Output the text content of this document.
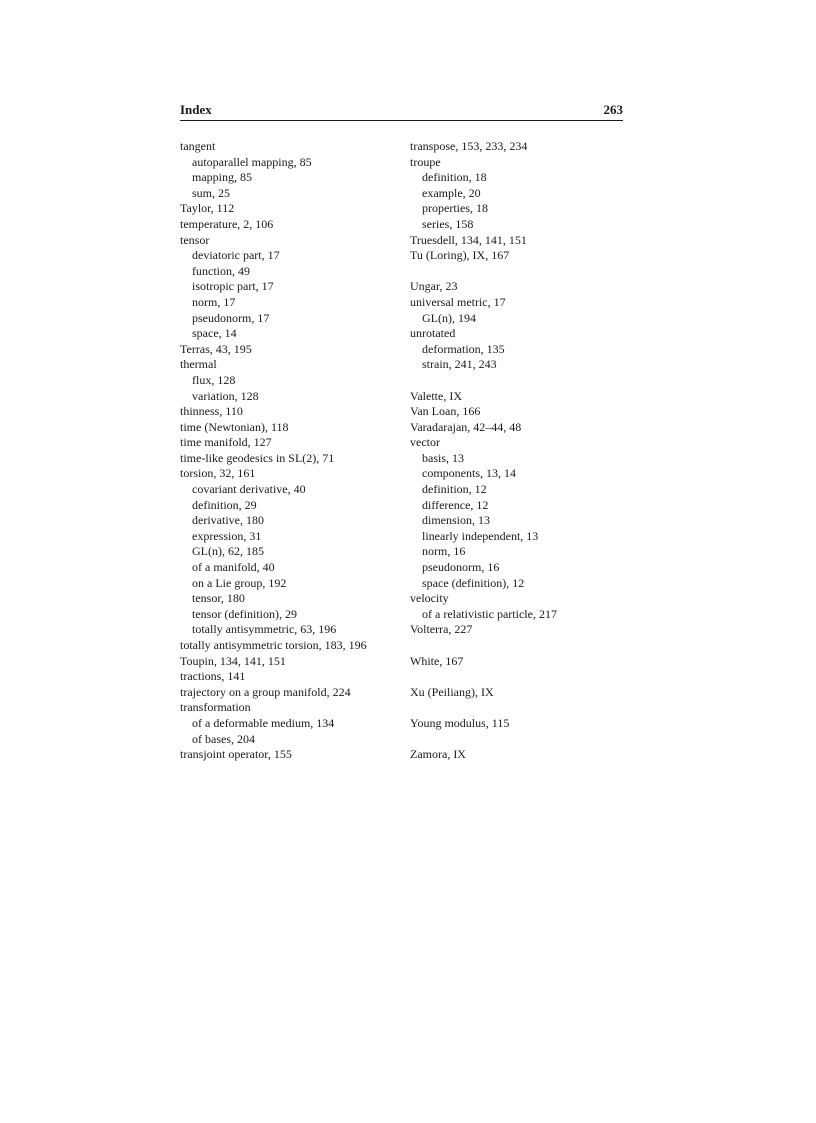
Index	263
tangent
autoparallel mapping, 85
mapping, 85
sum, 25
Taylor, 112
temperature, 2, 106
tensor
deviatoric part, 17
function, 49
isotropic part, 17
norm, 17
pseudonorm, 17
space, 14
Terras, 43, 195
thermal
flux, 128
variation, 128
thinness, 110
time (Newtonian), 118
time manifold, 127
time-like geodesics in SL(2), 71
torsion, 32, 161
covariant derivative, 40
definition, 29
derivative, 180
expression, 31
GL(n), 62, 185
of a manifold, 40
on a Lie group, 192
tensor, 180
tensor (definition), 29
totally antisymmetric, 63, 196
totally antisymmetric torsion, 183, 196
Toupin, 134, 141, 151
tractions, 141
trajectory on a group manifold, 224
transformation
of a deformable medium, 134
of bases, 204
transjoint operator, 155
transpose, 153, 233, 234
troupe
definition, 18
example, 20
properties, 18
series, 158
Truesdell, 134, 141, 151
Tu (Loring), IX, 167
Ungar, 23
universal metric, 17
GL(n), 194
unrotated
deformation, 135
strain, 241, 243
Valette, IX
Van Loan, 166
Varadarajan, 42–44, 48
vector
basis, 13
components, 13, 14
definition, 12
difference, 12
dimension, 13
linearly independent, 13
norm, 16
pseudonorm, 16
space (definition), 12
velocity
of a relativistic particle, 217
Volterra, 227
White, 167
Xu (Peiliang), IX
Young modulus, 115
Zamora, IX
